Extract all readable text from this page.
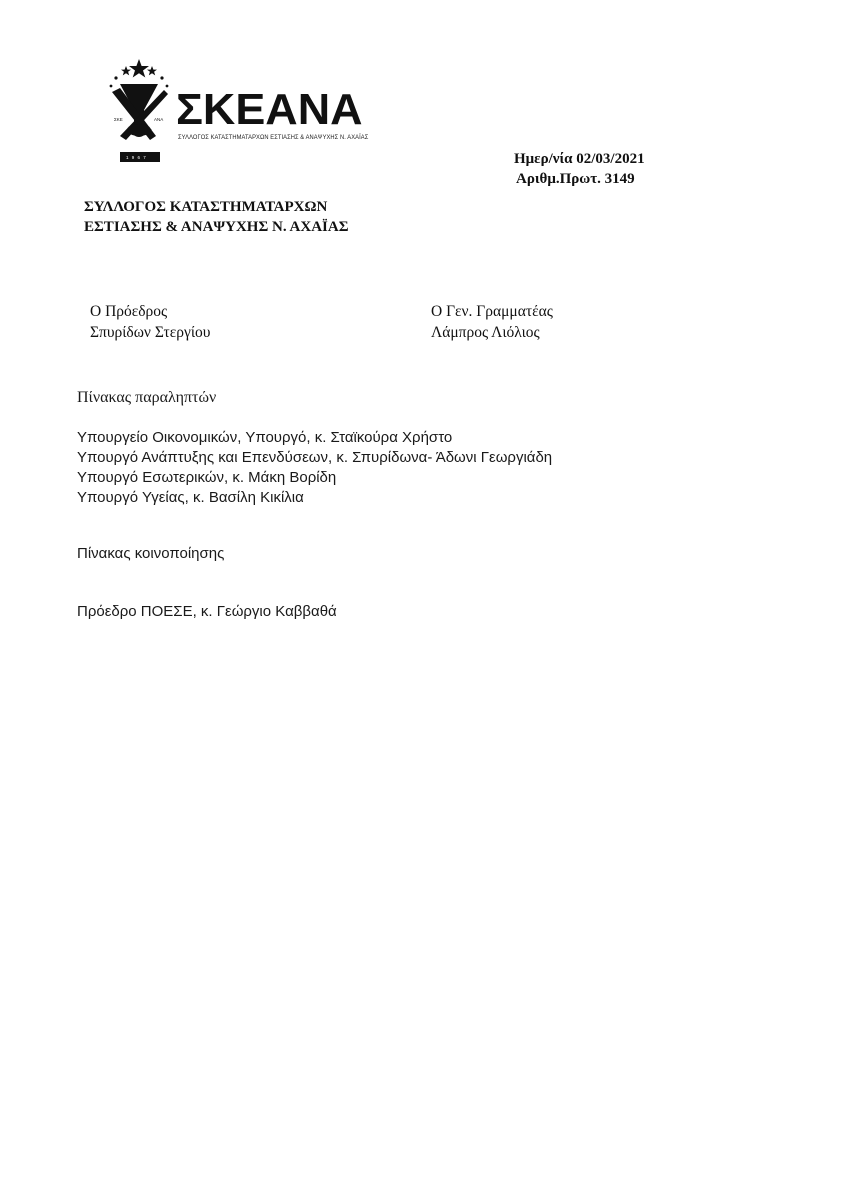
ΣΚΕ	ΑΝΑ
1 9 6 7
ΣΚΕΑΝΑ
ΣΥΛΛΟΓΟΣ ΚΑΤΑΣΤΗΜΑΤΑΡΧΩΝ ΕΣΤΙΑΣΗΣ & ΑΝΑΨΥΧΗΣ Ν. ΑΧΑΪΑΣ
Ημερ/νία 02/03/2021
Αριθμ.Πρωτ. 3149
ΣΥΛΛΟΓΟΣ ΚΑΤΑΣΤΗΜΑΤΑΡΧΩΝ
ΕΣΤΙΑΣΗΣ & ΑΝΑΨΥΧΗΣ Ν. ΑΧΑΪΑΣ
Ο Πρόεδρος
Σπυρίδων Στεργίου
Ο Γεν. Γραμματέας
Λάμπρος Λιόλιος
Πίνακας παραληπτών
Υπουργείο Οικονομικών, Υπουργό, κ. Σταϊκούρα Χρήστο
Υπουργό Ανάπτυξης και Επενδύσεων, κ. Σπυρίδωνα- Άδωνι Γεωργιάδη
Υπουργό Εσωτερικών, κ. Μάκη Βορίδη
Υπουργό Υγείας, κ. Βασίλη Κικίλια
Πίνακας κοινοποίησης
Πρόεδρο ΠΟΕΣΕ, κ. Γεώργιο Καββαθά
